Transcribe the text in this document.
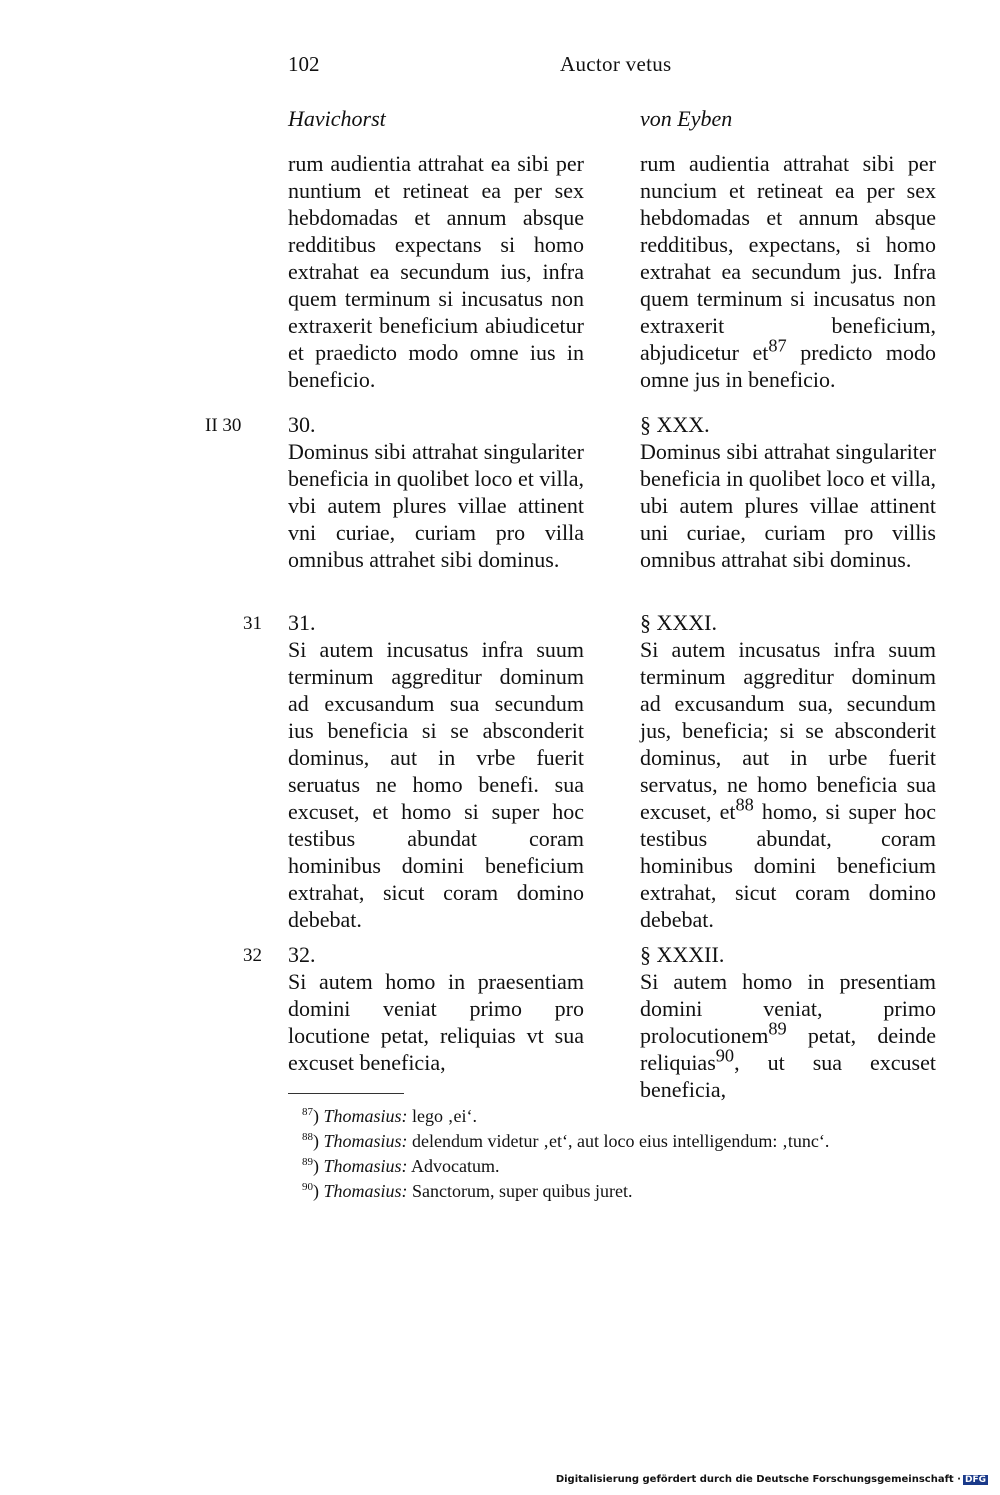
102	Auctor vetus
Havichorst	von Eyben
II 30
31
32

rum audientia attrahat ea sibi per nuntium et retineat ea per sex hebdomadas et annum absque redditibus expectans si homo extrahat ea secundum ius, infra quem terminum si incusatus non extraxerit beneficium abiudicetur et praedicto modo omne ius in beneficio.

30.

Dominus sibi attrahat singulariter beneficia in quolibet loco et villa, vbi autem plures villae attinent vni curiae, curiam pro villa omnibus attrahet sibi dominus.

31.

Si autem incusatus infra suum terminum aggreditur dominum ad excusandum sua secundum ius beneficia si se absconderit dominus, aut in vrbe fuerit seruatus ne homo benefi. sua excuset, et homo si super hoc testibus abundat coram hominibus domini beneficium extrahat, sicut coram domino debebat.

32.

Si autem homo in praesentiam domini veniat primo pro locutione petat, reliquias vt sua excuset beneficia,

rum audientia attrahat sibi per nuncium et retineat ea per sex hebdomadas et annum absque redditibus, expectans, si homo extrahat ea secundum jus. Infra quem terminum si incusatus non extraxerit beneficium, abjudicetur $et^{87}$ predicto modo omne jus in beneficio.

§ XXX.

Dominus sibi attrahat singulariter beneficia in quolibet loco et villa, ubi autem plures villae attinent uni curiae, curiam pro villis omnibus attrahat sibi dominus.

§ XXXI.

Si autem incusatus infra suum terminum aggreditur dominum ad excusandum sua, secundum jus, beneficia; si se absconderit dominus, aut in urbe fuerit servatus, ne homo beneficia sua excuset, $et^{88}$ homo, si super hoc testibus abundat, coram hominibus domini beneficium extrahat, sicut coram domino debebat.

§ XXXII.

Si autem homo in presentiam domini veniat, primo prolocutionem$^{89}$ petat, deinde reliquias$^{90}$, ut sua excuset beneficia,

$^{87}$) Thomasius: lego ‚ei‘.
$^{88}$) Thomasius: delendum videtur ‚et‘, aut loco eius intelligendum: ‚tunc‘.
$^{89}$) Thomasius: Advocatum.
$^{90}$) Thomasius: Sanctorum, super quibus juret.
Digitalisierung gefördert durch die Deutsche Forschungsgemeinschaft · DFG
